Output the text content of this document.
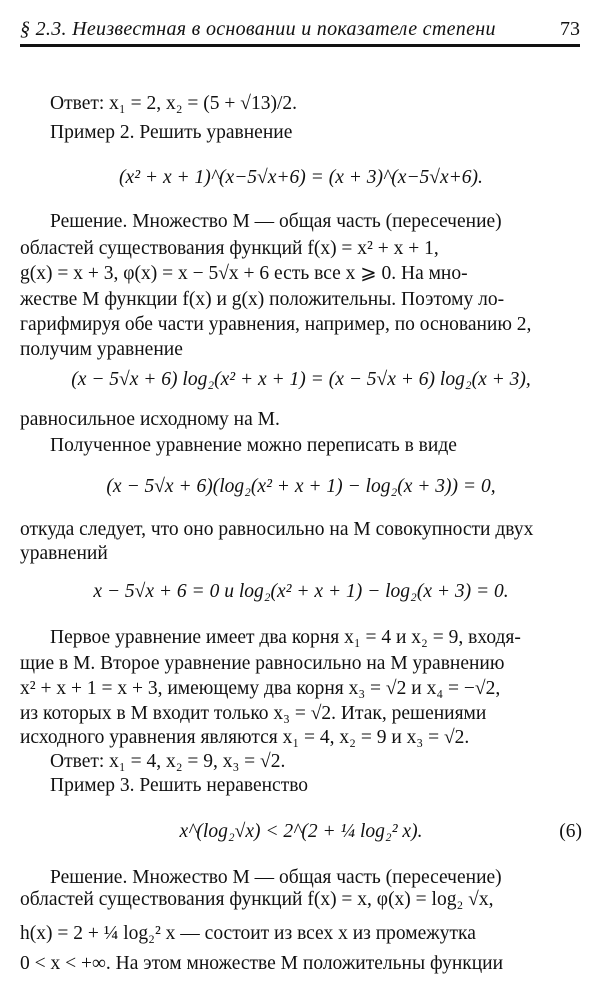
§ 2.3. Неизвестная в основании и показателе степени	73
Ответ: x₁ = 2, x₂ = (5 + √13)/2.
Пример 2. Решить уравнение
(x² + x + 1)^(x−5√x+6) = (x + 3)^(x−5√x+6).
Решение. Множество M — общая часть (пересечение)
областей существования функций f(x) = x² + x + 1,
g(x) = x + 3, φ(x) = x − 5√x + 6 есть все x ⩾ 0. На мно-
жестве M функции f(x) и g(x) положительны. Поэтому ло-
гарифмируя обе части уравнения, например, по основанию 2,
получим уравнение
(x − 5√x + 6) log₂(x² + x + 1) = (x − 5√x + 6) log₂(x + 3),
равносильное исходному на M.
Полученное уравнение можно переписать в виде
(x − 5√x + 6)(log₂(x² + x + 1) − log₂(x + 3)) = 0,
откуда следует, что оно равносильно на M совокупности двух
уравнений
x − 5√x + 6 = 0 и log₂(x² + x + 1) − log₂(x + 3) = 0.
Первое уравнение имеет два корня x₁ = 4 и x₂ = 9, входя-
щие в M. Второе уравнение равносильно на M уравнению
x² + x + 1 = x + 3, имеющему два корня x₃ = √2 и x₄ = −√2,
из которых в M входит только x₃ = √2. Итак, решениями
исходного уравнения являются x₁ = 4, x₂ = 9 и x₃ = √2.
Ответ: x₁ = 4, x₂ = 9, x₃ = √2.
Пример 3. Решить неравенство
x^(log₂√x) < 2^(2 + ¼ log₂² x).	(6)
Решение. Множество M — общая часть (пересечение)
областей существования функций f(x) = x, φ(x) = log₂ √x,
h(x) = 2 + ¼ log₂² x — состоит из всех x из промежутка
0 < x < +∞. На этом множестве M положительны функции
